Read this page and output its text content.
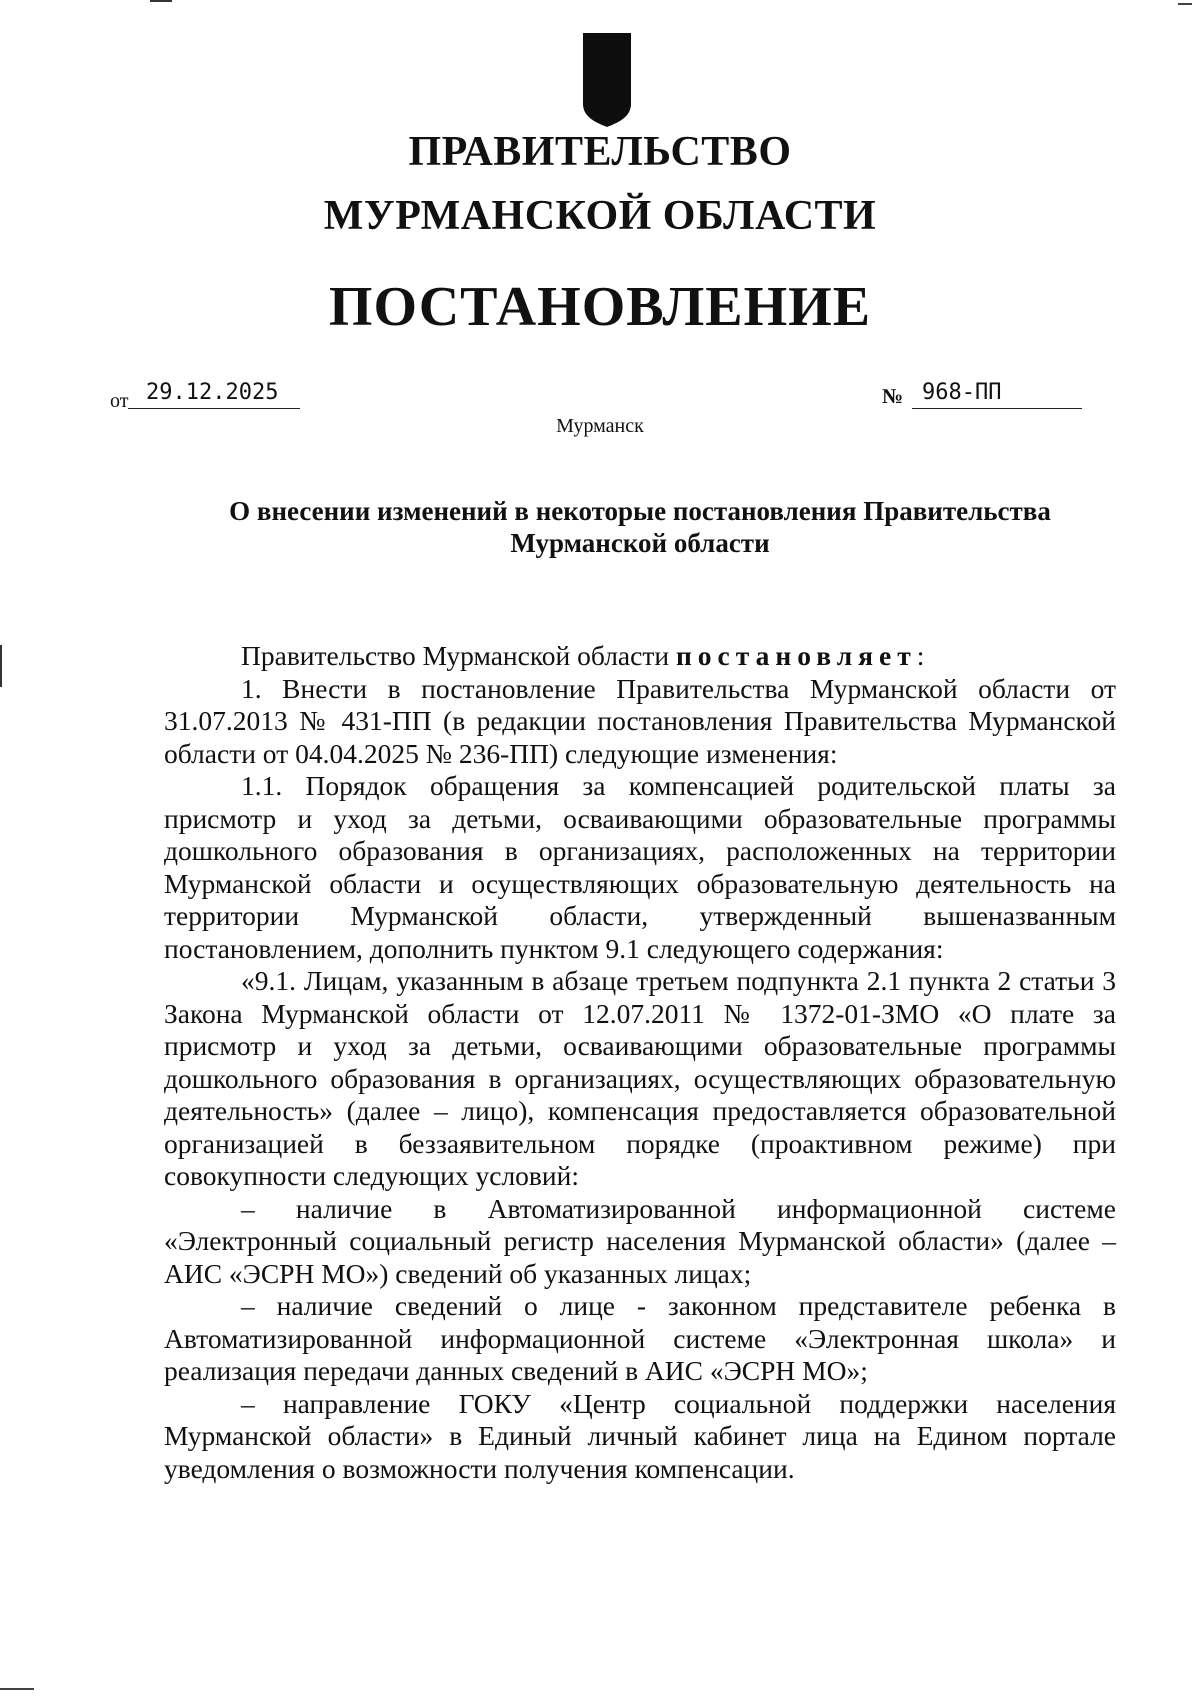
ПРАВИТЕЛЬСТВО
МУРМАНСКОЙ ОБЛАСТИ
ПОСТАНОВЛЕНИЕ
от 29.12.2025	№ 968-ПП
Мурманск
О внесении изменений в некоторые постановления Правительства
Мурманской области

Правительство Мурманской области постановляет:

1. Внести в постановление Правительства Мурманской области от 31.07.2013 № 431-ПП (в редакции постановления Правительства Мурманской области от 04.04.2025 № 236-ПП) следующие изменения:

1.1. Порядок обращения за компенсацией родительской платы за присмотр и уход за детьми, осваивающими образовательные программы дошкольного образования в организациях, расположенных на территории Мурманской области и осуществляющих образовательную деятельность на территории Мурманской области, утвержденный вышеназванным постановлением, дополнить пунктом 9.1 следующего содержания:

«9.1. Лицам, указанным в абзаце третьем подпункта 2.1 пункта 2 статьи 3 Закона Мурманской области от 12.07.2011 № 1372-01-ЗМО «О плате за присмотр и уход за детьми, осваивающими образовательные программы дошкольного образования в организациях, осуществляющих образовательную деятельность» (далее – лицо), компенсация предоставляется образовательной организацией в беззаявительном порядке (проактивном режиме) при совокупности следующих условий:

– наличие в Автоматизированной информационной системе «Электронный социальный регистр населения Мурманской области» (далее – АИС «ЭСРН МО») сведений об указанных лицах;

– наличие сведений о лице - законном представителе ребенка в Автоматизированной информационной системе «Электронная школа» и реализация передачи данных сведений в АИС «ЭСРН МО»;

– направление ГОКУ «Центр социальной поддержки населения Мурманской области» в Единый личный кабинет лица на Едином портале уведомления о возможности получения компенсации.
